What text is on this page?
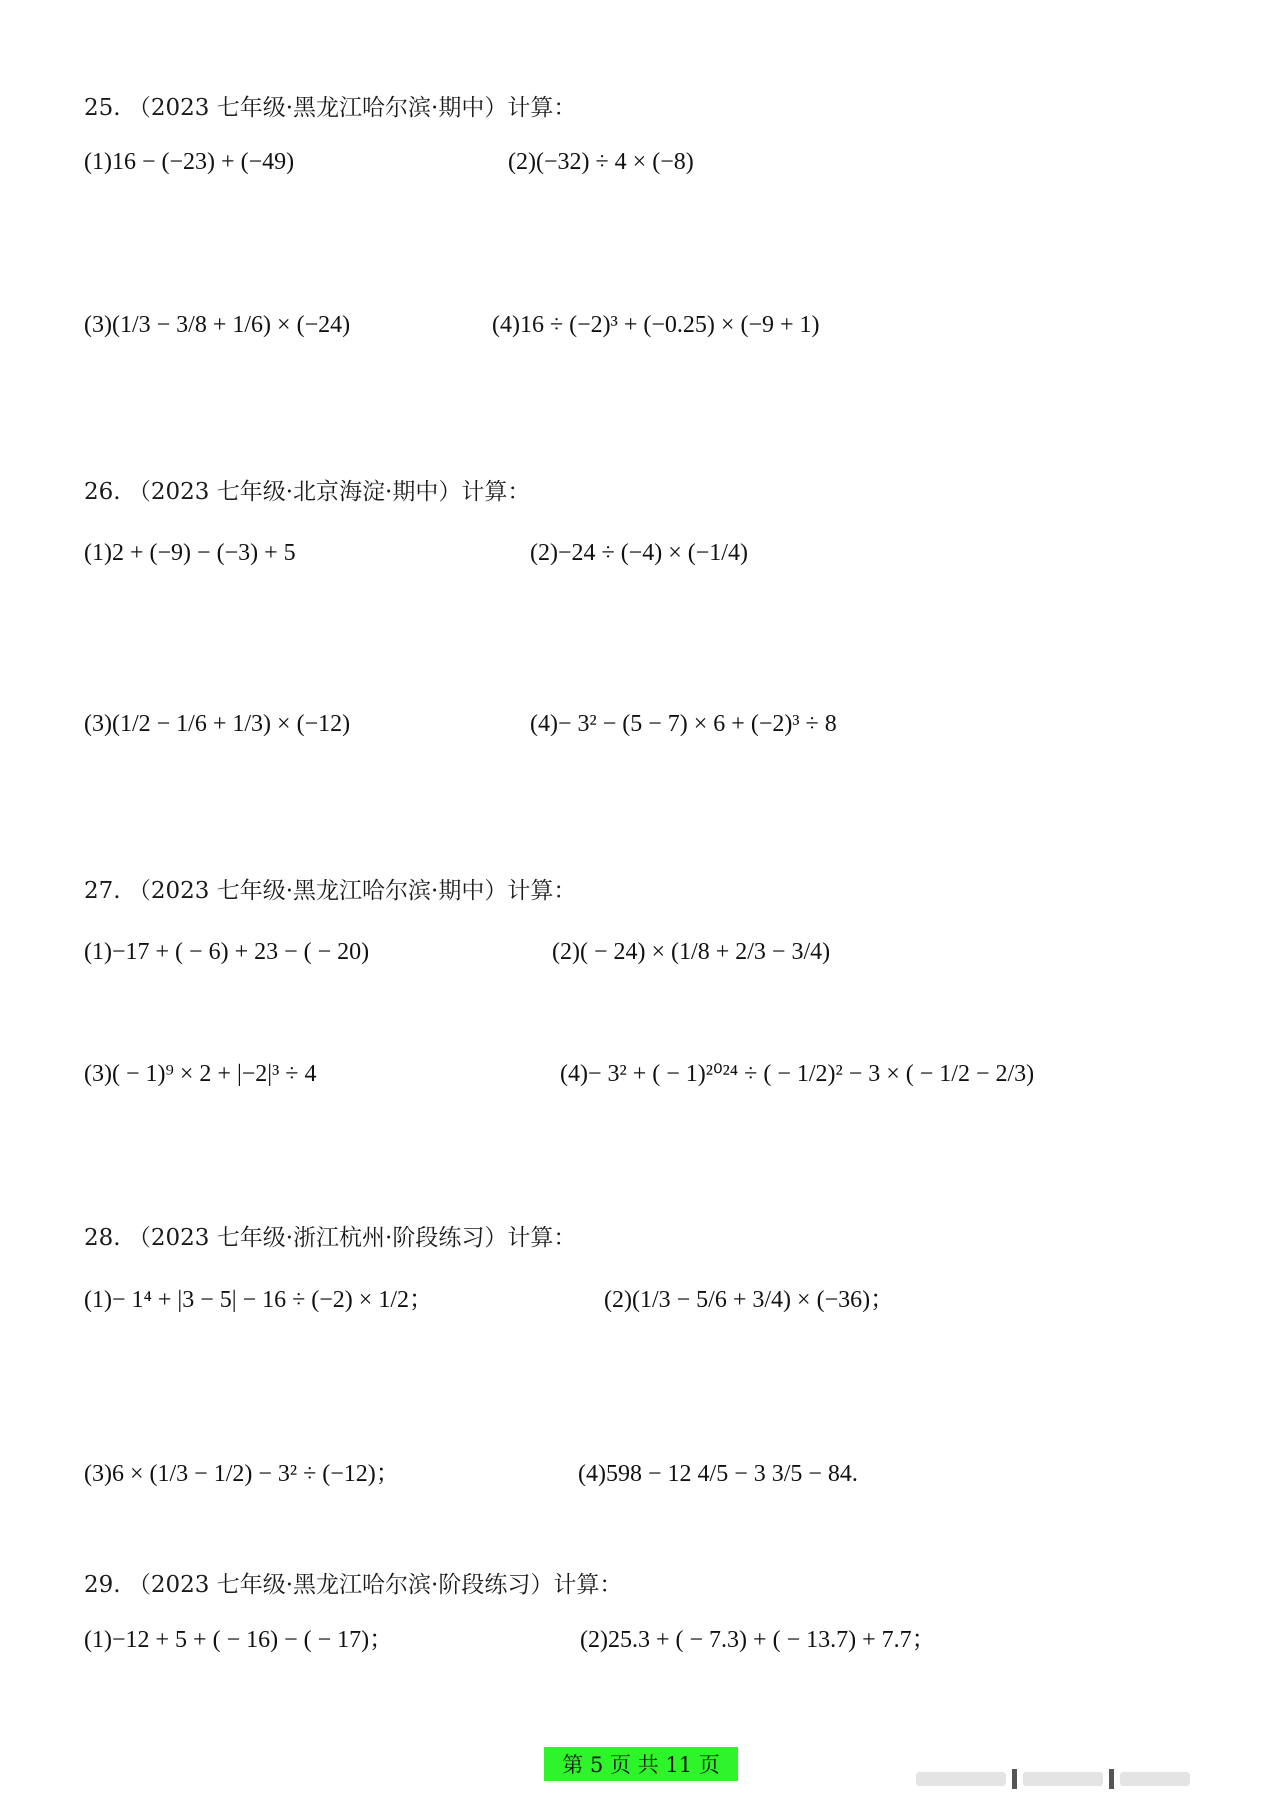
25. （2023 七年级·黑龙江哈尔滨·期中）计算：
(1)16 − (−23) + (−49)	(2)(−32) ÷ 4 × (−8)
(3)(1/3 − 3/8 + 1/6) × (−24)	(4)16 ÷ (−2)³ + (−0.25) × (−9 + 1)
26. （2023 七年级·北京海淀·期中）计算：
(1)2 + (−9) − (−3) + 5	(2)−24 ÷ (−4) × (−1/4)
(3)(1/2 − 1/6 + 1/3) × (−12)	(4)− 3² − (5 − 7) × 6 + (−2)³ ÷ 8
27. （2023 七年级·黑龙江哈尔滨·期中）计算：
(1)−17 + ( − 6) + 23 − ( − 20)	(2)( − 24) × (1/8 + 2/3 − 3/4)
(3)( − 1)⁹ × 2 + |−2|³ ÷ 4	(4)− 3² + ( − 1)²⁰²⁴ ÷ ( − 1/2)² − 3 × ( − 1/2 − 2/3)
28. （2023 七年级·浙江杭州·阶段练习）计算：
(1)− 1⁴ + |3 − 5| − 16 ÷ (−2) × 1/2；	(2)(1/3 − 5/6 + 3/4) × (−36)；
(3)6 × (1/3 − 1/2) − 3² ÷ (−12)；	(4)598 − 12 4/5 − 3 3/5 − 84.
29. （2023 七年级·黑龙江哈尔滨·阶段练习）计算：
(1)−12 + 5 + ( − 16) − ( − 17)；	(2)25.3 + ( − 7.3) + ( − 13.7) + 7.7；
第 5 页 共 11 页
